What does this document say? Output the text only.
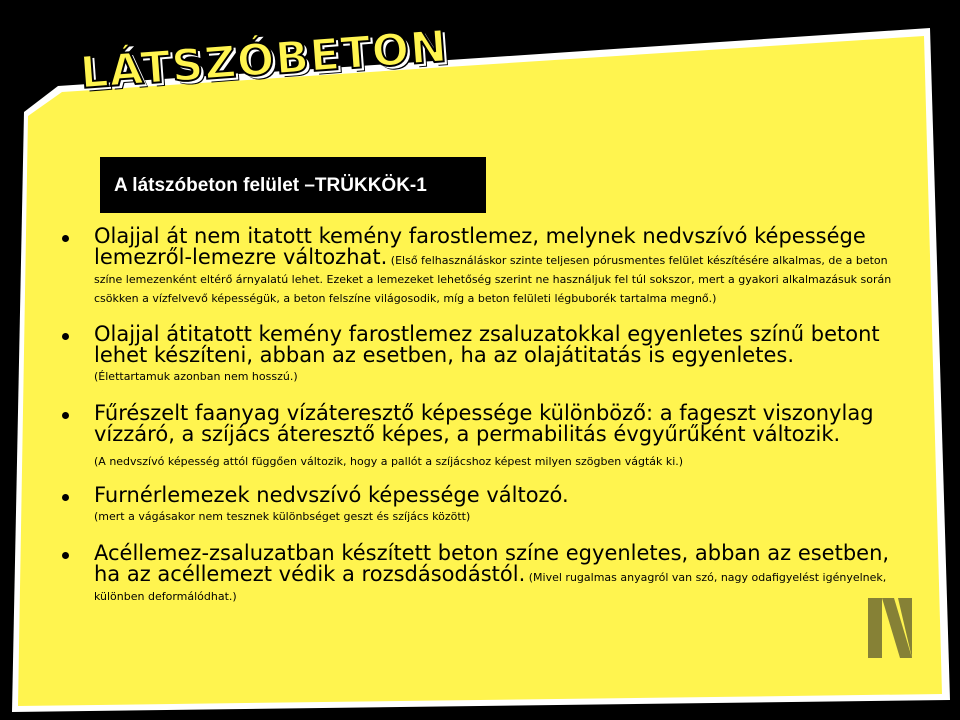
LÁTSZÓBETON
A látszóbeton felület –TRÜKKÖK-1
Olajjal át nem itatott kemény farostlemez, melynek nedvszívó képessége lemezről-lemezre változhat. (Első felhasználáskor szinte teljesen pórusmentes felület készítésére alkalmas, de a beton színe lemezenként eltérő árnyalatú lehet. Ezeket a lemezeket lehetőség szerint ne használjuk fel túl sokszor, mert a gyakori alkalmazásuk során csökken a vízfelvevő képességük, a beton felszíne világosodik, míg a beton felületi légbuborék tartalma megnő.)
Olajjal átitatott kemény farostlemez zsaluzatokkal egyenletes színű betont lehet készíteni, abban az esetben, ha az olajátitatás is egyenletes.
(Élettartamuk azonban nem hosszú.)
Fűrészelt faanyag vízáteresztő képessége különböző: a fageszt viszonylag vízzáró, a szíjács áteresztő képes, a permabilitás évgyűrűként változik.
(A nedvszívó képesség attól függően változik, hogy a pallót a szíjácshoz képest milyen szögben vágták ki.)
Furnérlemezek nedvszívó képessége változó.
(mert a vágásakor nem tesznek különbséget geszt és szíjács között)
Acéllemez-zsaluzatban készített beton színe egyenletes, abban az esetben, ha az acéllemezt védik a rozsdásodástól. (Mivel rugalmas anyagról van szó, nagy odafigyelést igényelnek, különben deformálódhat.)
